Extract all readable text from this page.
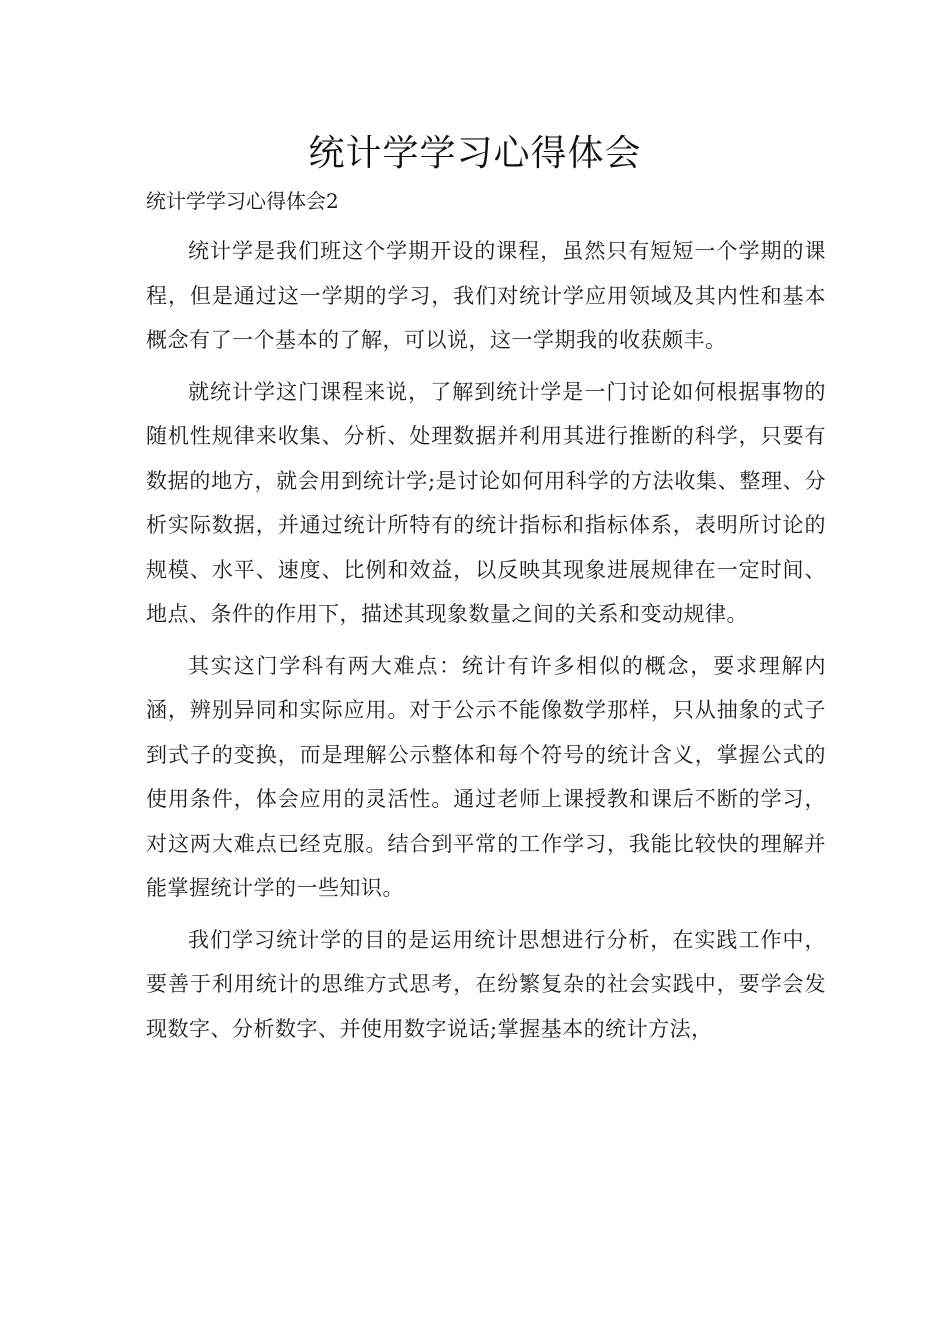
统计学学习心得体会

统计学学习心得体会2

统计学是我们班这个学期开设的课程，虽然只有短短一个学期的课程，但是通过这一学期的学习，我们对统计学应用领域及其内性和基本概念有了一个基本的了解，可以说，这一学期我的收获颇丰。

就统计学这门课程来说，了解到统计学是一门讨论如何根据事物的随机性规律来收集、分析、处理数据并利用其进行推断的科学，只要有数据的地方，就会用到统计学;是讨论如何用科学的方法收集、整理、分析实际数据，并通过统计所特有的统计指标和指标体系，表明所讨论的规模、水平、速度、比例和效益，以反映其现象进展规律在一定时间、地点、条件的作用下，描述其现象数量之间的关系和变动规律。

其实这门学科有两大难点：统计有许多相似的概念，要求理解内涵，辨别异同和实际应用。对于公示不能像数学那样，只从抽象的式子到式子的变换，而是理解公示整体和每个符号的统计含义，掌握公式的使用条件，体会应用的灵活性。通过老师上课授教和课后不断的学习，对这两大难点已经克服。结合到平常的工作学习，我能比较快的理解并能掌握统计学的一些知识。

我们学习统计学的目的是运用统计思想进行分析，在实践工作中，要善于利用统计的思维方式思考，在纷繁复杂的社会实践中，要学会发现数字、分析数字、并使用数字说话;掌握基本的统计方法，
